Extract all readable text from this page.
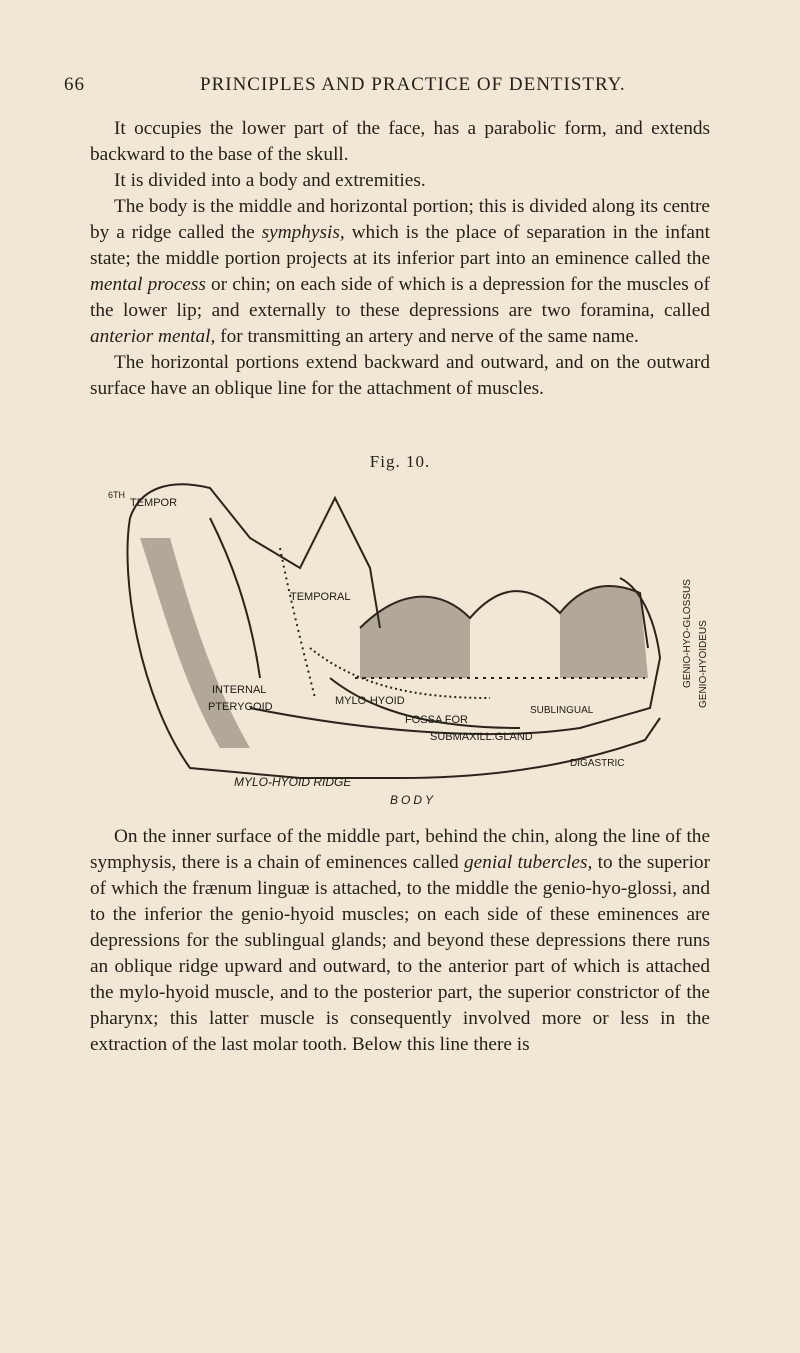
66	PRINCIPLES AND PRACTICE OF DENTISTRY.

It occupies the lower part of the face, has a parabolic form, and extends backward to the base of the skull.

It is divided into a body and extremities.

The body is the middle and horizontal portion; this is divided along its centre by a ridge called the symphysis, which is the place of separation in the infant state; the middle portion projects at its inferior part into an eminence called the mental process or chin; on each side of which is a depression for the muscles of the lower lip; and externally to these depressions are two foramina, called anterior mental, for transmitting an artery and nerve of the same name.

The horizontal portions extend backward and outward, and on the outward surface have an oblique line for the attachment of muscles.

Fig. 10.
TEMPOR
6TH
TEMPORAL
INTERNAL
PTERYGOID	MYLO-HYOID
FOSSA FOR
SUBMAXILL.GLAND
SUBLINGUAL
DIGASTRIC
GENIO-HYO-GLOSSUS GENIO-HYOIDEUS
MYLO-HYOID RIDGE
BODY

On the inner surface of the middle part, behind the chin, along the line of the symphysis, there is a chain of eminences called genial tubercles, to the superior of which the frænum linguæ is attached, to the middle the genio-hyo-glossi, and to the inferior the genio-hyoid muscles; on each side of these eminences are depressions for the sublingual glands; and beyond these depressions there runs an oblique ridge upward and outward, to the anterior part of which is attached the mylo-hyoid muscle, and to the posterior part, the superior constrictor of the pharynx; this latter muscle is consequently involved more or less in the extraction of the last molar tooth. Below this line there is
